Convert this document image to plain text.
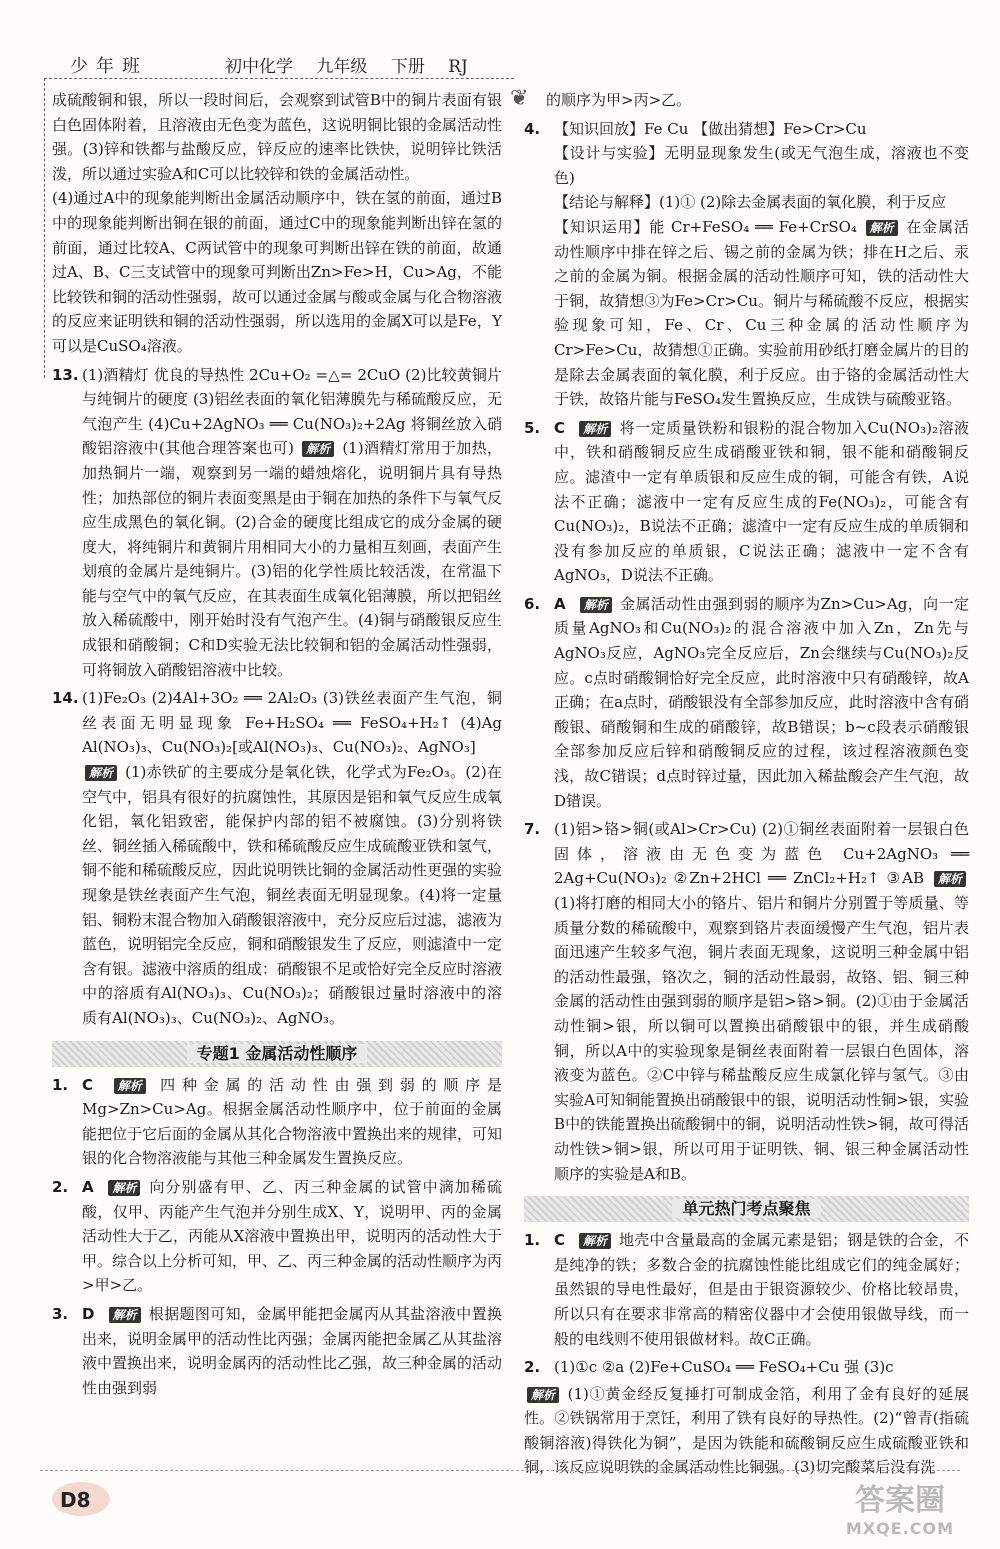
少年班	初中化学 九年级 下册 RJ
❦

成硫酸铜和银，所以一段时间后，会观察到试管B中的铜片表面有银白色固体附着，且溶液由无色变为蓝色，这说明铜比银的金属活动性强。(3)锌和铁都与盐酸反应，锌反应的速率比铁快，说明锌比铁活泼，所以通过实验A和C可以比较锌和铁的金属活动性。

(4)通过A中的现象能判断出金属活动顺序中，铁在氢的前面，通过B中的现象能判断出铜在银的前面，通过C中的现象能判断出锌在氢的前面，通过比较A、C两试管中的现象可判断出锌在铁的前面，故通过A、B、C三支试管中的现象可判断出Zn>Fe>H，Cu>Ag，不能比较铁和铜的活动性强弱，故可以通过金属与酸或金属与化合物溶液的反应来证明铁和铜的活动性强弱，所以选用的金属X可以是Fe，Y可以是CuSO₄溶液。

13. (1)酒精灯 优良的导热性 2Cu+O₂ =△= 2CuO (2)比较黄铜片与纯铜片的硬度 (3)铝丝表面的氧化铝薄膜先与稀硫酸反应，无气泡产生 (4)Cu+2AgNO₃ ══ Cu(NO₃)₂+2Ag 将铜丝放入硝酸铝溶液中(其他合理答案也可) 解析 (1)酒精灯常用于加热，加热铜片一端，观察到另一端的蜡烛熔化，说明铜片具有导热性；加热部位的铜片表面变黑是由于铜在加热的条件下与氧气反应生成黑色的氧化铜。(2)合金的硬度比组成它的成分金属的硬度大，将纯铜片和黄铜片用相同大小的力量相互刻画，表面产生划痕的金属片是纯铜片。(3)铝的化学性质比较活泼，在常温下能与空气中的氧气反应，在其表面生成氧化铝薄膜，所以把铝丝放入稀硫酸中，刚开始时没有气泡产生。(4)铜与硝酸银反应生成银和硝酸铜；C和D实验无法比较铜和铝的金属活动性强弱，可将铜放入硝酸铝溶液中比较。
14. (1)Fe₂O₃ (2)4Al+3O₂ ══ 2Al₂O₃ (3)铁丝表面产生气泡，铜丝表面无明显现象 Fe+H₂SO₄ ══ FeSO₄+H₂↑ (4)Ag Al(NO₃)₃、Cu(NO₃)₂[或Al(NO₃)₃、Cu(NO₃)₂、AgNO₃]
解析 (1)赤铁矿的主要成分是氧化铁，化学式为Fe₂O₃。(2)在空气中，铝具有很好的抗腐蚀性，其原因是铝和氧气反应生成氧化铝，氧化铝致密，能保护内部的铝不被腐蚀。(3)分别将铁丝、铜丝插入稀硫酸中，铁和稀硫酸反应生成硫酸亚铁和氢气，铜不能和稀硫酸反应，因此说明铁比铜的金属活动性更强的实验现象是铁丝表面产生气泡，铜丝表面无明显现象。(4)将一定量铝、铜粉末混合物加入硝酸银溶液中，充分反应后过滤，滤液为蓝色，说明铝完全反应，铜和硝酸银发生了反应，则滤渣中一定含有银。滤液中溶质的组成：硝酸银不足或恰好完全反应时溶液中的溶质有Al(NO₃)₃、Cu(NO₃)₂；硝酸银过量时溶液中的溶质有Al(NO₃)₃、Cu(NO₃)₂、AgNO₃。
专题1 金属活动性顺序
1. C 解析 四种金属的活动性由强到弱的顺序是Mg>Zn>Cu>Ag。根据金属活动性顺序中，位于前面的金属能把位于它后面的金属从其化合物溶液中置换出来的规律，可知银的化合物溶液能与其他三种金属发生置换反应。
2. A 解析 向分别盛有甲、乙、丙三种金属的试管中滴加稀硫酸，仅甲、丙能产生气泡并分别生成X、Y，说明甲、丙的金属活动性大于乙，丙能从X溶液中置换出甲，说明丙的活动性大于甲。综合以上分析可知，甲、乙、丙三种金属的活动性顺序为丙>甲>乙。
3. D 解析 根据题图可知，金属甲能把金属丙从其盐溶液中置换出来，说明金属甲的活动性比丙强；金属丙能把金属乙从其盐溶液中置换出来，说明金属丙的活动性比乙强，故三种金属的活动性由强到弱

的顺序为甲>丙>乙。

4. 【知识回放】Fe Cu 【做出猜想】Fe>Cr>Cu
【设计与实验】无明显现象发生(或无气泡生成，溶液也不变色)
【结论与解释】(1)① (2)除去金属表面的氧化膜，利于反应
【知识运用】能 Cr+FeSO₄ ══ Fe+CrSO₄ 解析 在金属活动性顺序中排在锌之后、锡之前的金属为铁；排在H之后、汞之前的金属为铜。根据金属的活动性顺序可知，铁的活动性大于铜，故猜想③为Fe>Cr>Cu。铜片与稀硫酸不反应，根据实验现象可知，Fe、Cr、Cu三种金属的活动性顺序为Cr>Fe>Cu，故猜想①正确。实验前用砂纸打磨金属片的目的是除去金属表面的氧化膜，利于反应。由于铬的金属活动性大于铁，故铬片能与FeSO₄发生置换反应，生成铁与硫酸亚铬。
5. C 解析 将一定质量铁粉和银粉的混合物加入Cu(NO₃)₂溶液中，铁和硝酸铜反应生成硝酸亚铁和铜，银不能和硝酸铜反应。滤渣中一定有单质银和反应生成的铜，可能含有铁，A说法不正确；滤液中一定有反应生成的Fe(NO₃)₂，可能含有Cu(NO₃)₂，B说法不正确；滤渣中一定有反应生成的单质铜和没有参加反应的单质银，C说法正确；滤液中一定不含有AgNO₃，D说法不正确。
6. A 解析 金属活动性由强到弱的顺序为Zn>Cu>Ag，向一定质量AgNO₃和Cu(NO₃)₂的混合溶液中加入Zn，Zn先与AgNO₃反应，AgNO₃完全反应后，Zn会继续与Cu(NO₃)₂反应。c点时硝酸铜恰好完全反应，此时溶液中只有硝酸锌，故A正确；在a点时，硝酸银没有全部参加反应，此时溶液中含有硝酸银、硝酸铜和生成的硝酸锌，故B错误；b~c段表示硝酸银全部参加反应后锌和硝酸铜反应的过程，该过程溶液颜色变浅，故C错误；d点时锌过量，因此加入稀盐酸会产生气泡，故D错误。
7. (1)铝>铬>铜(或Al>Cr>Cu) (2)①铜丝表面附着一层银白色固体，溶液由无色变为蓝色 Cu+2AgNO₃ ══ 2Ag+Cu(NO₃)₂ ②Zn+2HCl ══ ZnCl₂+H₂↑ ③AB 解析 (1)将打磨的相同大小的铬片、铝片和铜片分别置于等质量、等质量分数的稀硫酸中，观察到铬片表面缓慢产生气泡，铝片表面迅速产生较多气泡，铜片表面无现象，这说明三种金属中铝的活动性最强，铬次之，铜的活动性最弱，故铬、铝、铜三种金属的活动性由强到弱的顺序是铝>铬>铜。(2)①由于金属活动性铜>银，所以铜可以置换出硝酸银中的银，并生成硝酸铜，所以A中的实验现象是铜丝表面附着一层银白色固体，溶液变为蓝色。②C中锌与稀盐酸反应生成氯化锌与氢气。③由实验A可知铜能置换出硝酸银中的银，说明活动性铜>银，实验B中的铁能置换出硫酸铜中的铜，说明活动性铁>铜，故可得活动性铁>铜>银，所以可用于证明铁、铜、银三种金属活动性顺序的实验是A和B。
单元热门考点聚焦
1. C 解析 地壳中含量最高的金属元素是铝；钢是铁的合金，不是纯净的铁；多数合金的抗腐蚀性能比组成它们的纯金属好；虽然银的导电性最好，但是由于银资源较少、价格比较昂贵，所以只有在要求非常高的精密仪器中才会使用银做导线，而一般的电线则不使用银做材料。故C正确。
2. (1)①c ②a (2)Fe+CuSO₄ ══ FeSO₄+Cu 强 (3)c

解析 (1)①黄金经反复捶打可制成金箔，利用了金有良好的延展性。②铁锅常用于烹饪，利用了铁有良好的导热性。(2)“曾青(指硫酸铜溶液)得铁化为铜”，是因为铁能和硫酸铜反应生成硫酸亚铁和铜，该反应说明铁的金属活动性比铜强。(3)切完酸菜后没有洗

D8	答案圈
MXQE.COM
